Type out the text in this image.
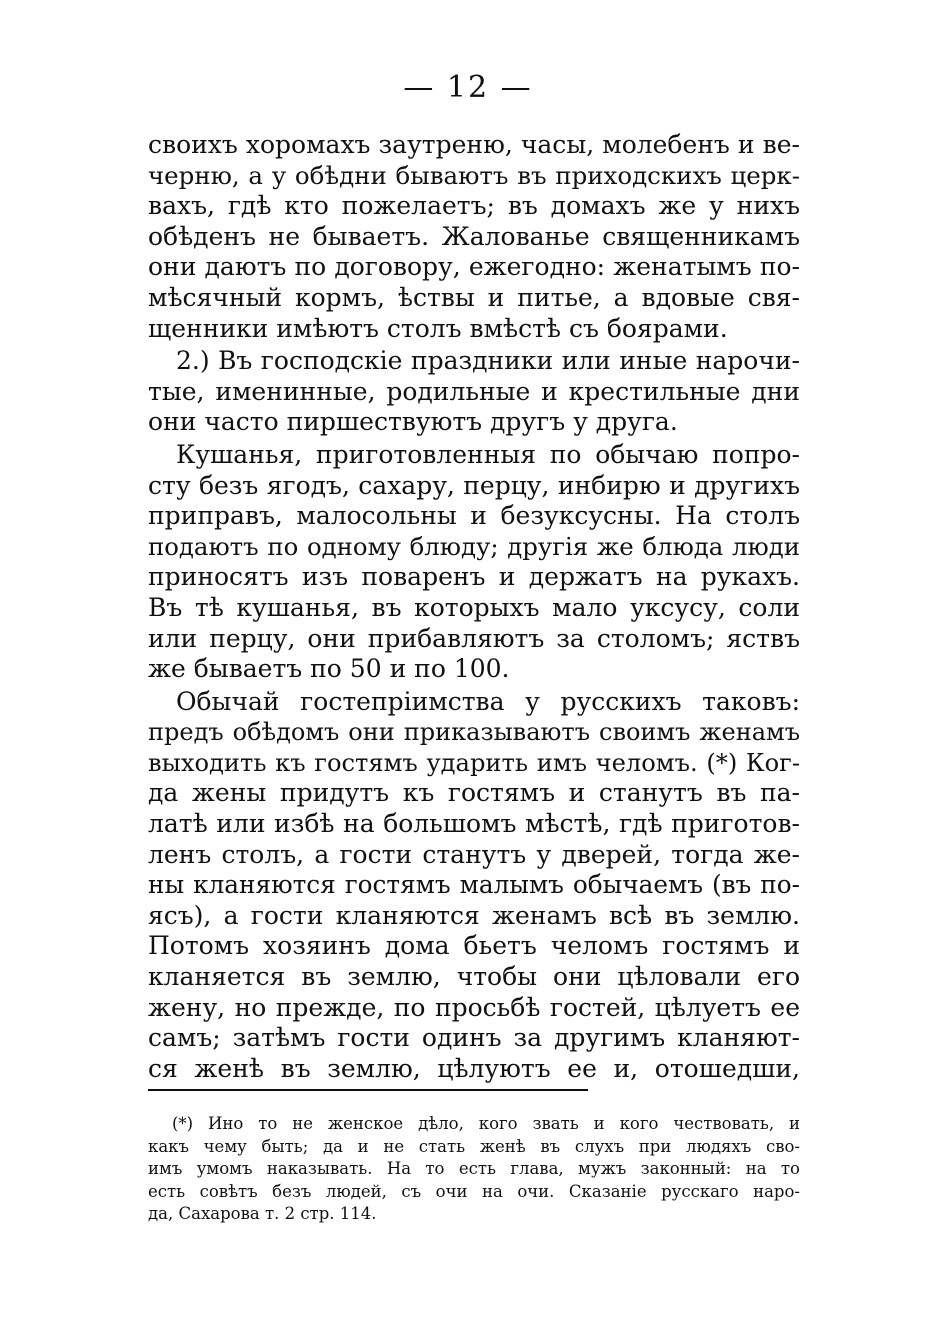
— 12 —
своихъ хоромахъ заутреню, часы, молебенъ и ве-
черню, а у обѣдни бываютъ въ приходскихъ церк-
вахъ, гдѣ кто пожелаетъ; въ домахъ же у нихъ
обѣденъ не бываетъ. Жалованье священникамъ
они даютъ по договору, ежегодно: женатымъ по-
мѣсячный кормъ, ѣствы и питье, а вдовые свя-
щенники имѣютъ столъ вмѣстѣ съ боярами.
2.) Въ господскіе праздники или иные нарочи-
тые, именинные, родильные и крестильные дни
они часто пиршествуютъ другъ у друга.
Кушанья, приготовленныя по обычаю попро-
сту безъ ягодъ, сахару, перцу, инбирю и другихъ
приправъ, малосольны и безуксусны. На столъ
подаютъ по одному блюду; другія же блюда люди
приносятъ изъ поваренъ и держатъ на рукахъ.
Въ тѣ кушанья, въ которыхъ мало уксусу, соли
или перцу, они прибавляютъ за столомъ; яствъ
же бываетъ по 50 и по 100.
Обычай гостепріимства у русскихъ таковъ:
предъ обѣдомъ они приказываютъ своимъ женамъ
выходить къ гостямъ ударить имъ челомъ. (*) Ког-
да жены придутъ къ гостямъ и станутъ въ па-
латѣ или избѣ на большомъ мѣстѣ, гдѣ приготов-
ленъ столъ, а гости станутъ у дверей, тогда же-
ны кланяются гостямъ малымъ обычаемъ (въ по-
ясъ), а гости кланяются женамъ всѣ въ землю.
Потомъ хозяинъ дома бьетъ челомъ гостямъ и
кланяется въ землю, чтобы они цѣловали его
жену, но прежде, по просьбѣ гостей, цѣлуетъ ее
самъ; затѣмъ гости одинъ за другимъ кланяют-
ся женѣ въ землю, цѣлуютъ ее и, отошедши,
(*) Ино то не женское дѣло, кого звать и кого чествовать, и
какъ чему быть; да и не стать женѣ въ слухъ при людяхъ сво-
имъ умомъ наказывать. На то есть глава, мужъ законный: на то
есть совѣтъ безъ людей, съ очи на очи. Сказаніе русскаго наро-
да, Сахарова т. 2 стр. 114.
